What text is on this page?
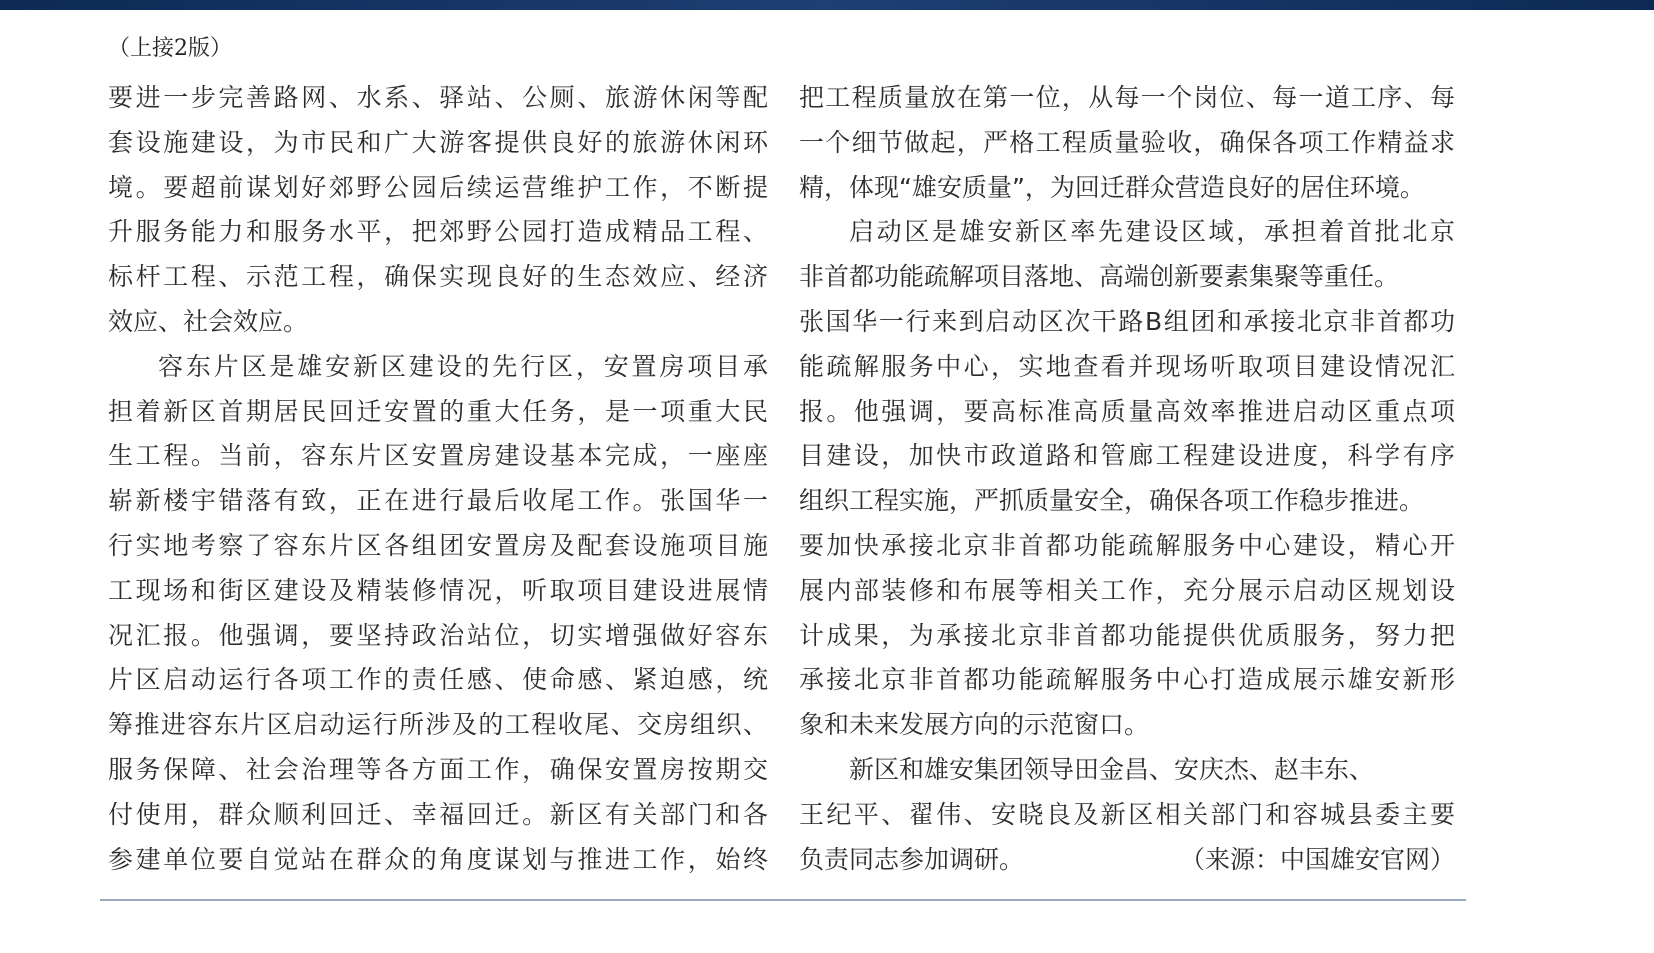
（上接2版）
要进一步完善路网、水系、驿站、公厕、旅游休闲等配
套设施建设，为市民和广大游客提供良好的旅游休闲环
境。要超前谋划好郊野公园后续运营维护工作，不断提
升服务能力和服务水平，把郊野公园打造成精品工程、
标杆工程、示范工程，确保实现良好的生态效应、经济
效应、社会效应。
容东片区是雄安新区建设的先行区，安置房项目承
担着新区首期居民回迁安置的重大任务，是一项重大民
生工程。当前，容东片区安置房建设基本完成，一座座
崭新楼宇错落有致，正在进行最后收尾工作。张国华一
行实地考察了容东片区各组团安置房及配套设施项目施
工现场和街区建设及精装修情况，听取项目建设进展情
况汇报。他强调，要坚持政治站位，切实增强做好容东
片区启动运行各项工作的责任感、使命感、紧迫感，统
筹推进容东片区启动运行所涉及的工程收尾、交房组织、
服务保障、社会治理等各方面工作，确保安置房按期交
付使用，群众顺利回迁、幸福回迁。新区有关部门和各
参建单位要自觉站在群众的角度谋划与推进工作，始终
把工程质量放在第一位，从每一个岗位、每一道工序、每
一个细节做起，严格工程质量验收，确保各项工作精益求
精，体现“雄安质量”，为回迁群众营造良好的居住环境。
启动区是雄安新区率先建设区域，承担着首批北京
非首都功能疏解项目落地、高端创新要素集聚等重任。
张国华一行来到启动区次干路B组团和承接北京非首都功
能疏解服务中心，实地查看并现场听取项目建设情况汇
报。他强调，要高标准高质量高效率推进启动区重点项
目建设，加快市政道路和管廊工程建设进度，科学有序
组织工程实施，严抓质量安全，确保各项工作稳步推进。
要加快承接北京非首都功能疏解服务中心建设，精心开
展内部装修和布展等相关工作，充分展示启动区规划设
计成果，为承接北京非首都功能提供优质服务，努力把
承接北京非首都功能疏解服务中心打造成展示雄安新形
象和未来发展方向的示范窗口。
新区和雄安集团领导田金昌、安庆杰、赵丰东、
王纪平、翟伟、安晓良及新区相关部门和容城县委主要
负责同志参加调研。	（来源：中国雄安官网）
